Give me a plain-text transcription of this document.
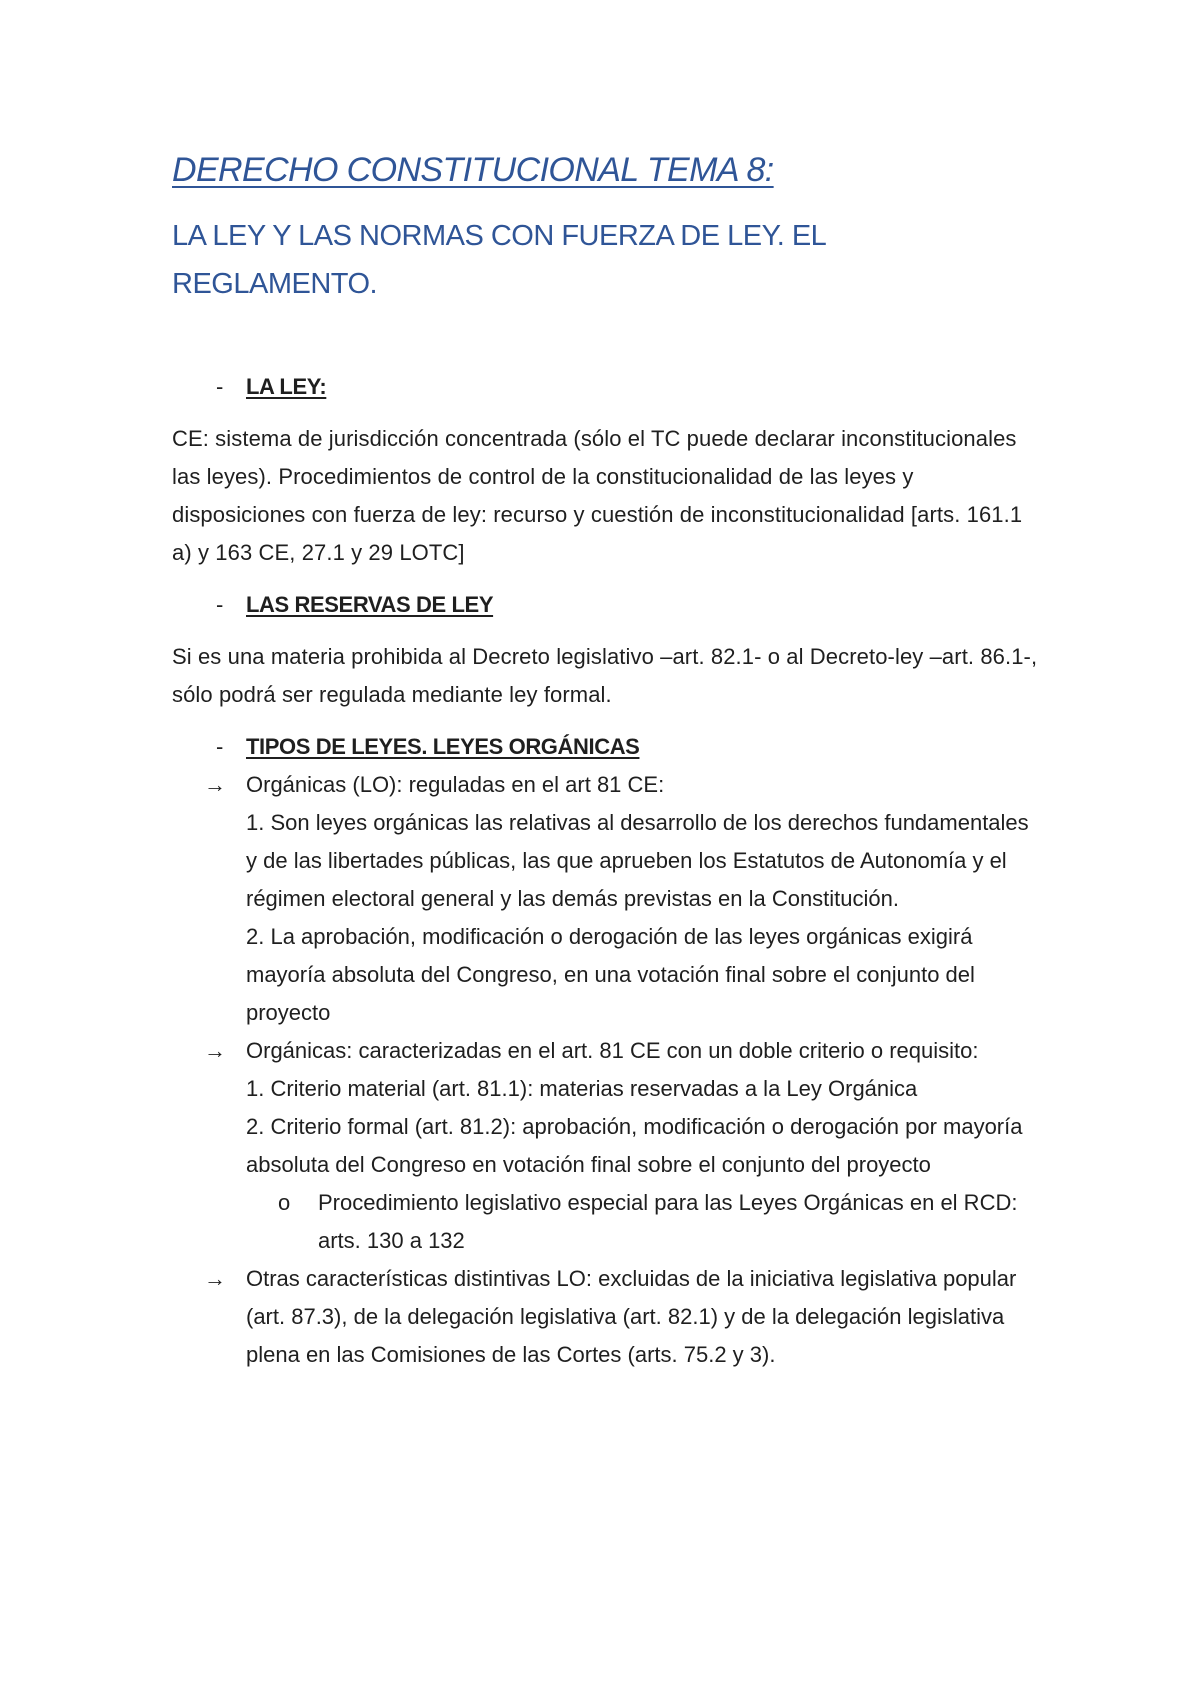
DERECHO CONSTITUCIONAL TEMA 8:
LA LEY Y LAS NORMAS CON FUERZA DE LEY. EL REGLAMENTO.
-	LA LEY:

CE: sistema de jurisdicción concentrada (sólo el TC puede declarar inconstitucionales las leyes). Procedimientos de control de la constitucionalidad de las leyes y disposiciones con fuerza de ley: recurso y cuestión de inconstitucionalidad [arts. 161.1 a) y 163 CE, 27.1 y 29 LOTC]

-	LAS RESERVAS DE LEY

Si es una materia prohibida al Decreto legislativo –art. 82.1- o al Decreto-ley –art. 86.1-, sólo podrá ser regulada mediante ley formal.

-	TIPOS DE LEYES. LEYES ORGÁNICAS
→ Orgánicas (LO): reguladas en el art 81 CE:

1. Son leyes orgánicas las relativas al desarrollo de los derechos fundamentales y de las libertades públicas, las que aprueben los Estatutos de Autonomía y el régimen electoral general y las demás previstas en la Constitución.

2. La aprobación, modificación o derogación de las leyes orgánicas exigirá mayoría absoluta del Congreso, en una votación final sobre el conjunto del proyecto

→ Orgánicas: caracterizadas en el art. 81 CE con un doble criterio o requisito:

1. Criterio material (art. 81.1): materias reservadas a la Ley Orgánica

2. Criterio formal (art. 81.2): aprobación, modificación o derogación por mayoría absoluta del Congreso en votación final sobre el conjunto del proyecto

o	Procedimiento legislativo especial para las Leyes Orgánicas en el RCD: arts. 130 a 132
→ Otras características distintivas LO: excluidas de la iniciativa legislativa popular (art. 87.3), de la delegación legislativa (art. 82.1) y de la delegación legislativa plena en las Comisiones de las Cortes (arts. 75.2 y 3).
